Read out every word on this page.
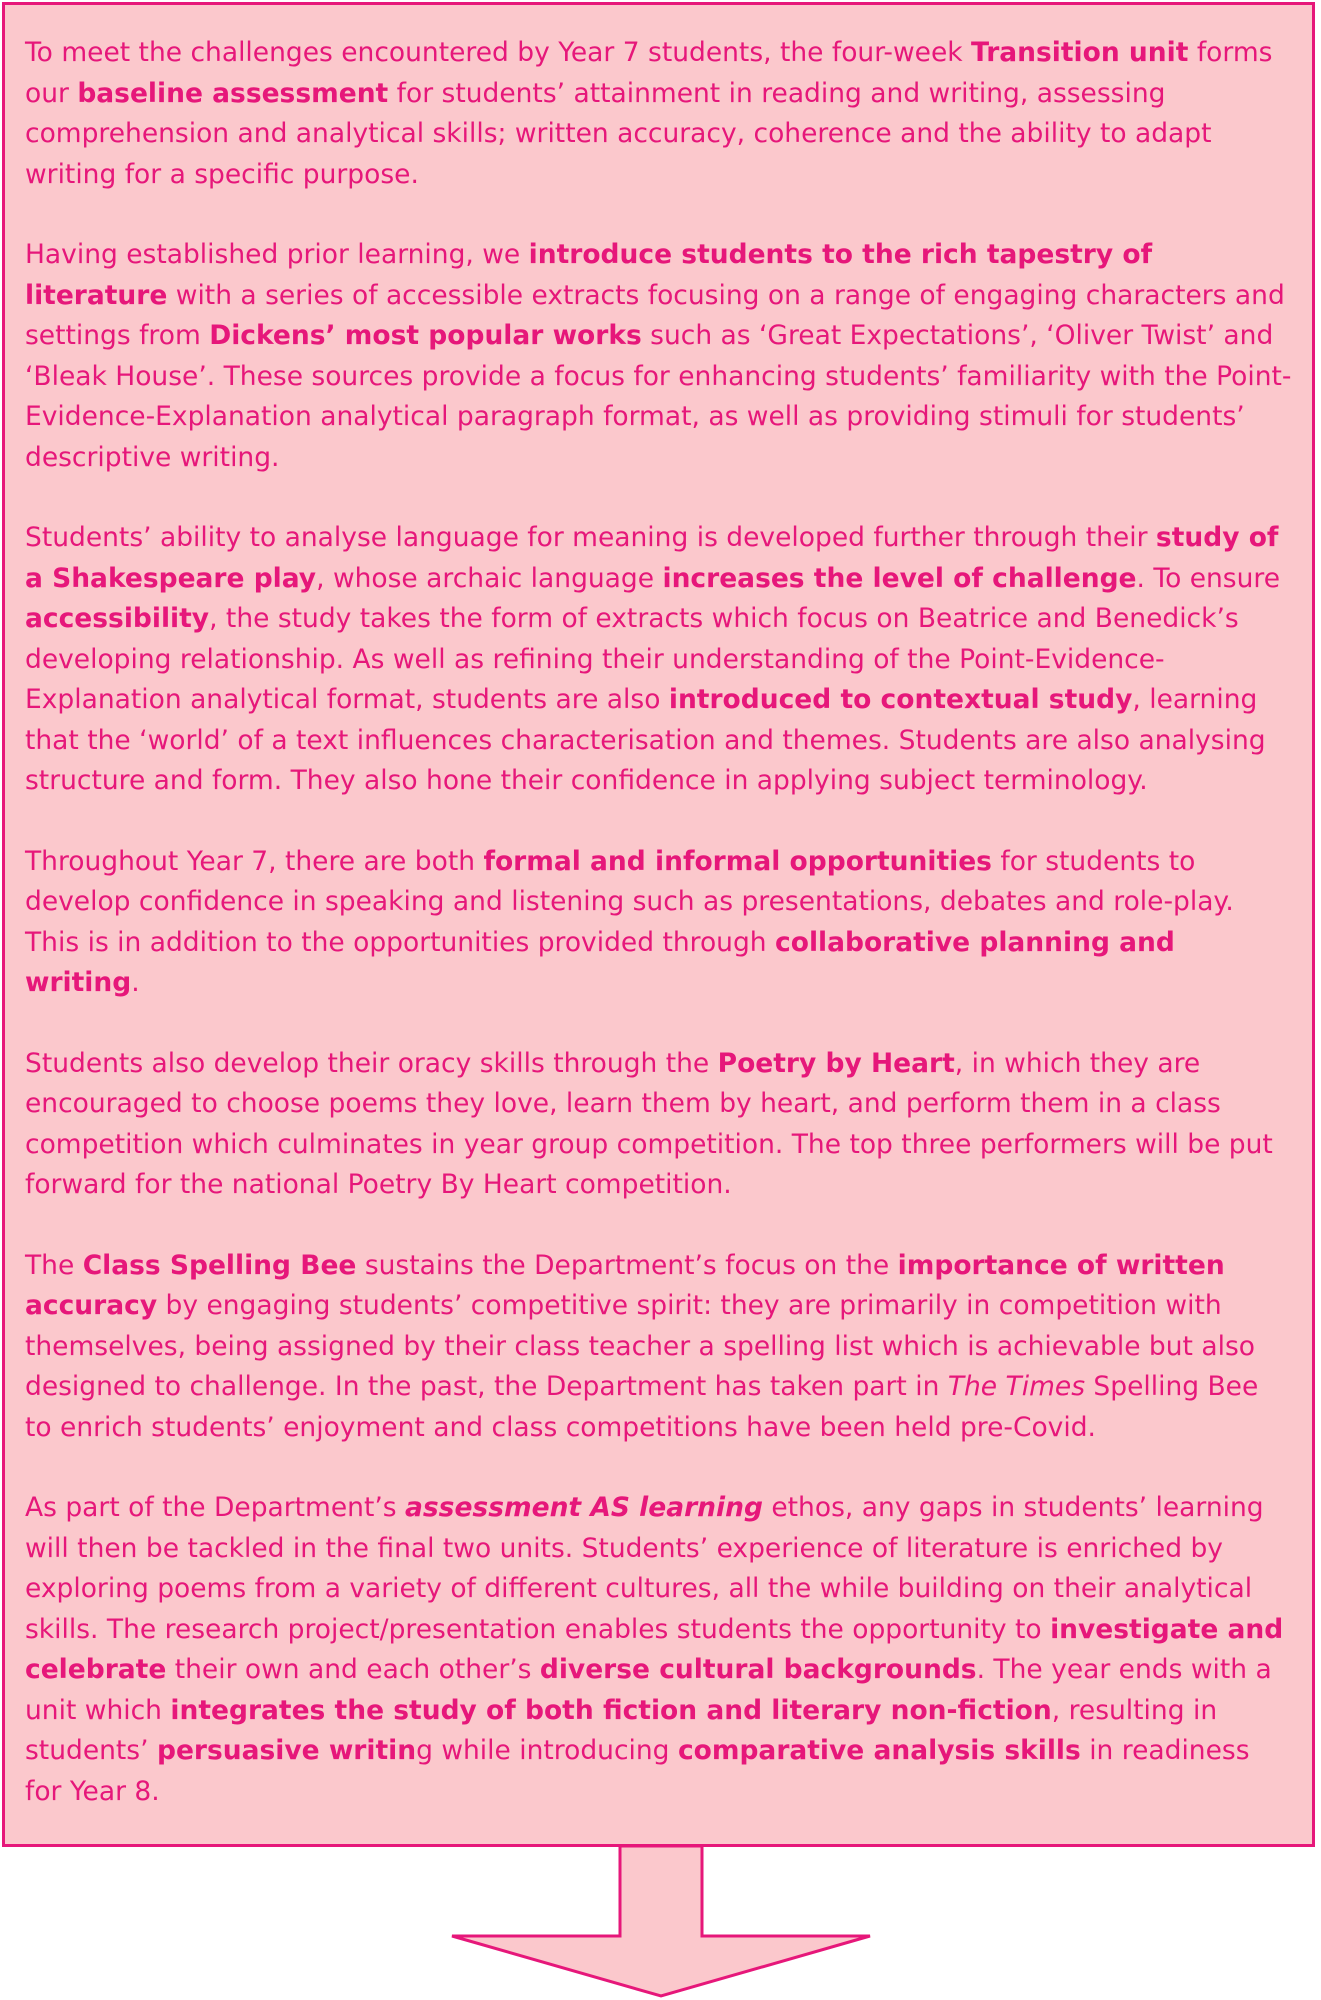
To meet the challenges encountered by Year 7 students, the four-week Transition unit forms our baseline assessment for students’ attainment in reading and writing, assessing comprehension and analytical skills; written accuracy, coherence and the ability to adapt writing for a specific purpose.

Having established prior learning, we introduce students to the rich tapestry of literature with a series of accessible extracts focusing on a range of engaging characters and settings from Dickens’ most popular works such as ‘Great Expectations’, ‘Oliver Twist’ and ‘Bleak House’. These sources provide a focus for enhancing students’ familiarity with the Point-Evidence-Explanation analytical paragraph format, as well as providing stimuli for students’ descriptive writing.

Students’ ability to analyse language for meaning is developed further through their study of a Shakespeare play, whose archaic language increases the level of challenge. To ensure accessibility, the study takes the form of extracts which focus on Beatrice and Benedick’s developing relationship. As well as refining their understanding of the Point-Evidence-Explanation analytical format, students are also introduced to contextual study, learning that the ‘world’ of a text influences characterisation and themes. Students are also analysing structure and form. They also hone their confidence in applying subject terminology.

Throughout Year 7, there are both formal and informal opportunities for students to develop confidence in speaking and listening such as presentations, debates and role-play. This is in addition to the opportunities provided through collaborative planning and writing.

Students also develop their oracy skills through the Poetry by Heart, in which they are encouraged to choose poems they love, learn them by heart, and perform them in a class competition which culminates in year group competition. The top three performers will be put forward for the national Poetry By Heart competition.

The Class Spelling Bee sustains the Department’s focus on the importance of written accuracy by engaging students’ competitive spirit: they are primarily in competition with themselves, being assigned by their class teacher a spelling list which is achievable but also designed to challenge. In the past, the Department has taken part in The Times Spelling Bee to enrich students’ enjoyment and class competitions have been held pre-Covid.

As part of the Department’s assessment AS learning ethos, any gaps in students’ learning will then be tackled in the final two units. Students’ experience of literature is enriched by exploring poems from a variety of different cultures, all the while building on their analytical skills. The research project/presentation enables students the opportunity to investigate and celebrate their own and each other’s diverse cultural backgrounds. The year ends with a unit which integrates the study of both fiction and literary non-fiction, resulting in students’ persuasive writing while introducing comparative analysis skills in readiness for Year 8.
